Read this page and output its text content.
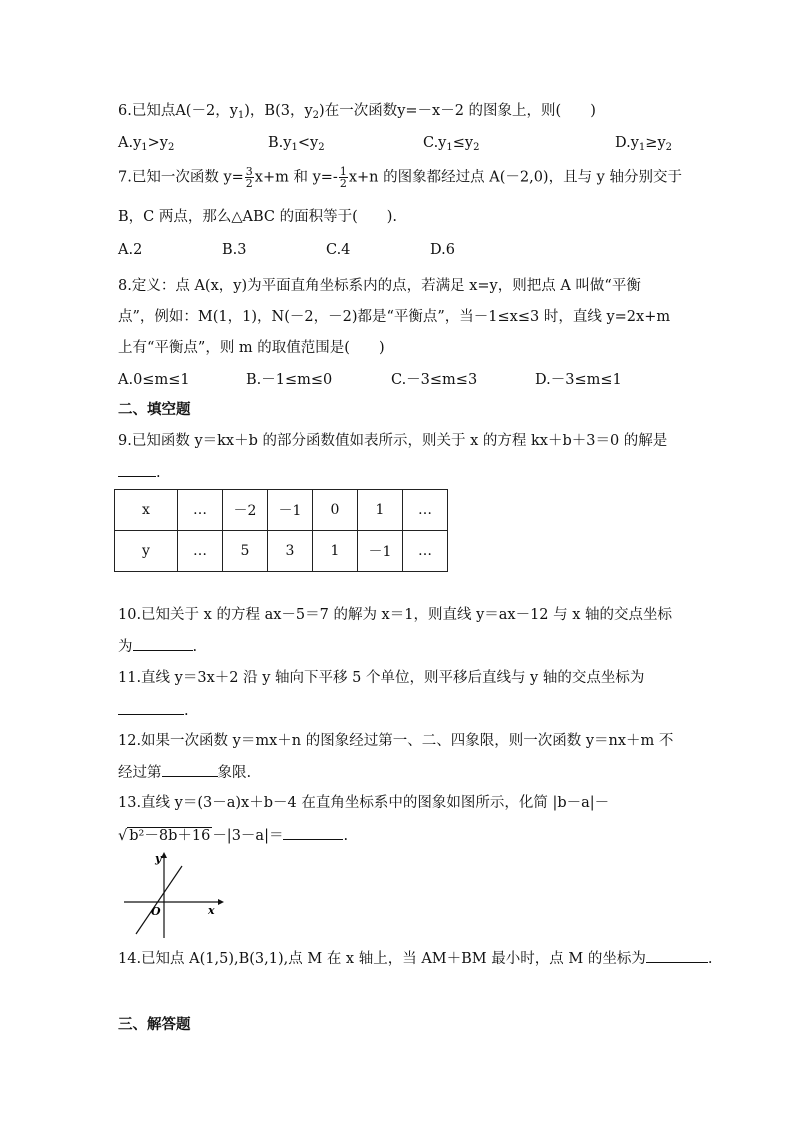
6.已知点A(－2，$y_1$)，B(3，$y_2$)在一次函数y=－x－2 的图象上，则(　　)
$A.y_1>y_2$	$B.y_1<y_2$	$C.y_1\le y_2$	$D.y_1\ge y_2$
7.已知一次函数 $y= \frac{3}{2} x+m$ 和 $y=- \frac{1}{2} x+n$ 的图象都经过点 A(－2,0)，且与 y 轴分别交于
B，C 两点，那么△ABC 的面积等于(　　).
A.2	B.3	C.4	D.6
8.定义：点 A(x，y)为平面直角坐标系内的点，若满足 x=y，则把点 A 叫做“平衡
点”，例如：M(1，1)，N(－2，－2)都是“平衡点”，当－1≤x≤3 时，直线 y=2x+m
上有“平衡点”，则 m 的取值范围是(　　)
A.0≤m≤1	B.－1≤m≤0	C.－3≤m≤3	D.－3≤m≤1
二、填空题
9.已知函数 y＝kx＋b 的部分函数值如表所示，则关于 x 的方程 kx＋b＋3＝0 的解是
.
x	…	－2	－1	0	1	…
y	…	5	3	1	－1	…
10.已知关于 x 的方程 ax－5＝7 的解为 x＝1，则直线 y＝ax－12 与 x 轴的交点坐标
为	.
11.直线 y＝3x＋2 沿 y 轴向下平移 5 个单位，则平移后直线与 y 轴的交点坐标为
.
12.如果一次函数 y＝mx＋n 的图象经过第一、二、四象限，则一次函数 y＝nx＋m 不
经过第	象限.
13.直线 y＝(3－a)x＋b－4 在直角坐标系中的图象如图所示，化简 |b－a|－
√ b²－8b＋16 －|3－a|＝	.
y
x
O
14.已知点 A(1,5),B(3,1),点 M 在 x 轴上，当 AM＋BM 最小时，点 M 的坐标为	.
三、解答题
